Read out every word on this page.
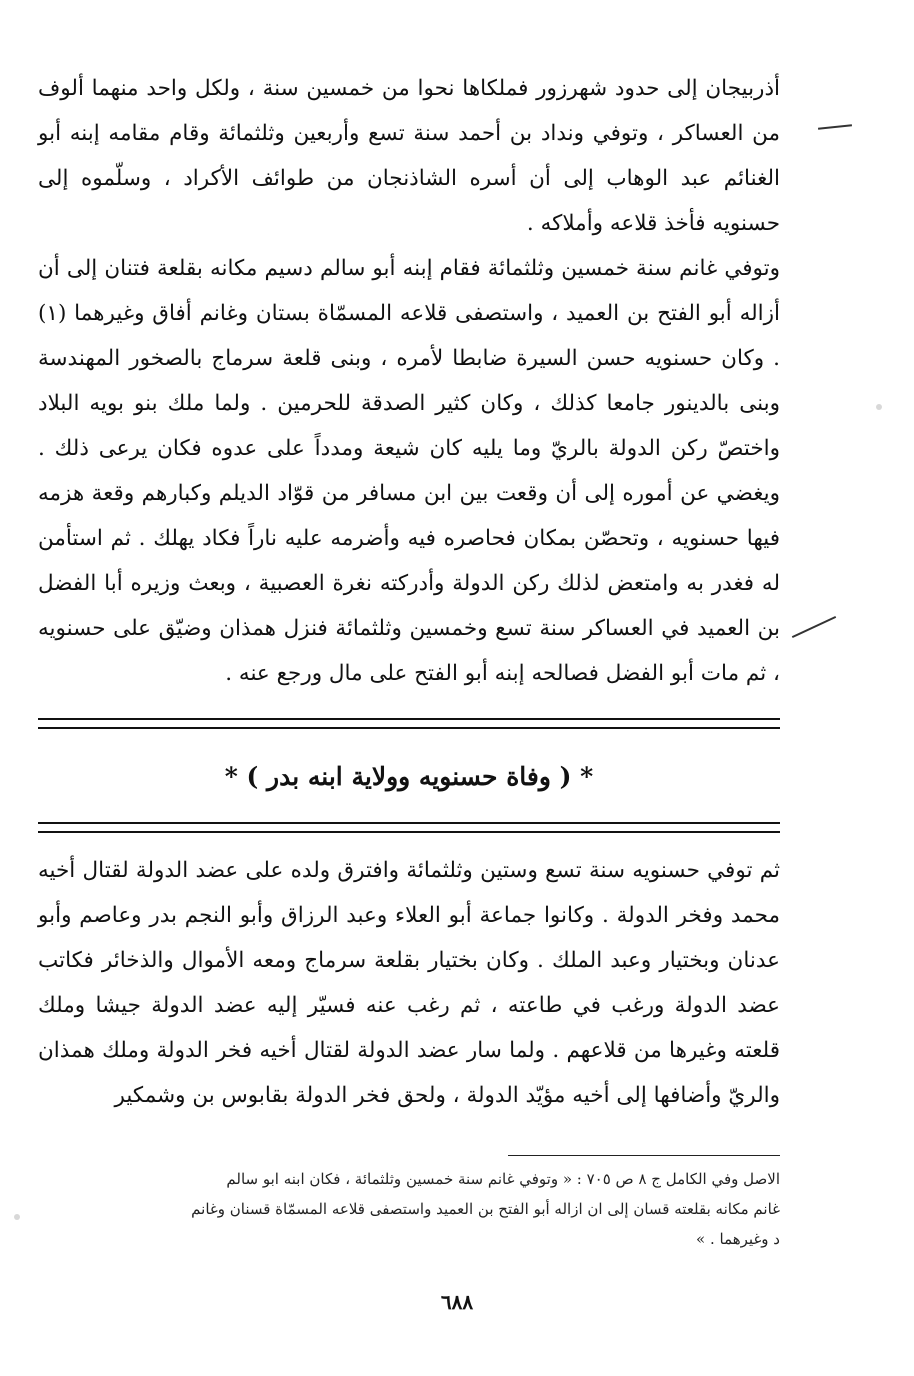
أذربيجان إلى حدود شهرزور فملكاها نحوا من خمسين سنة ، ولكل واحد منهما ألوف من العساكر ، وتوفي ونداد بن أحمد سنة تسع وأربعين وثلثمائة وقام مقامه إبنه أبو الغنائم عبد الوهاب إلى أن أسره الشاذنجان من طوائف الأكراد ، وسلّموه إلى حسنويه فأخذ قلاعه وأملاكه .
وتوفي غانم سنة خمسين وثلثمائة فقام إبنه أبو سالم دسيم مكانه بقلعة فتنان إلى أن أزاله أبو الفتح بن العميد ، واستصفى قلاعه المسمّاة بستان وغانم أفاق وغيرهما (١) . وكان حسنويه حسن السيرة ضابطا لأمره ، وبنى قلعة سرماج بالصخور المهندسة وبنى بالدينور جامعا كذلك ، وكان كثير الصدقة للحرمين . ولما ملك بنو بويه البلاد واختصّ ركن الدولة بالريّ وما يليه كان شيعة ومدداً على عدوه فكان يرعى ذلك . ويغضي عن أموره إلى أن وقعت بين ابن مسافر من قوّاد الديلم وكبارهم وقعة هزمه فيها حسنويه ، وتحصّن بمكان فحاصره فيه وأضرمه عليه ناراً فكاد يهلك . ثم استأمن له فغدر به وامتعض لذلك ركن الدولة وأدركته نغرة العصبية ، وبعث وزيره أبا الفضل بن العميد في العساكر سنة تسع وخمسين وثلثمائة فنزل همذان وضيّق على حسنويه ، ثم مات أبو الفضل فصالحه إبنه أبو الفتح على مال ورجع عنه .
* ( وفاة حسنويه وولاية ابنه بدر ) *
ثم توفي حسنويه سنة تسع وستين وثلثمائة وافترق ولده على عضد الدولة لقتال أخيه محمد وفخر الدولة . وكانوا جماعة أبو العلاء وعبد الرزاق وأبو النجم بدر وعاصم وأبو عدنان وبختيار وعبد الملك . وكان بختيار بقلعة سرماج ومعه الأموال والذخائر فكاتب عضد الدولة ورغب في طاعته ، ثم رغب عنه فسيّر إليه عضد الدولة جيشا وملك قلعته وغيرها من قلاعهم . ولما سار عضد الدولة لقتال أخيه فخر الدولة وملك همذان والريّ وأضافها إلى أخيه مؤيّد الدولة ، ولحق فخر الدولة بقابوس بن وشمكير
الاصل وفي الكامل ج ٨ ص ٧٠٥ : « وتوفي غانم سنة خمسين وثلثمائة ، فكان ابنه ابو سالم
غانم مكانه بقلعته قسان إلى ان ازاله أبو الفتح بن العميد واستصفى قلاعه المسمّاة قسنان وغانم
د وغيرهما . »
٦٨٨
